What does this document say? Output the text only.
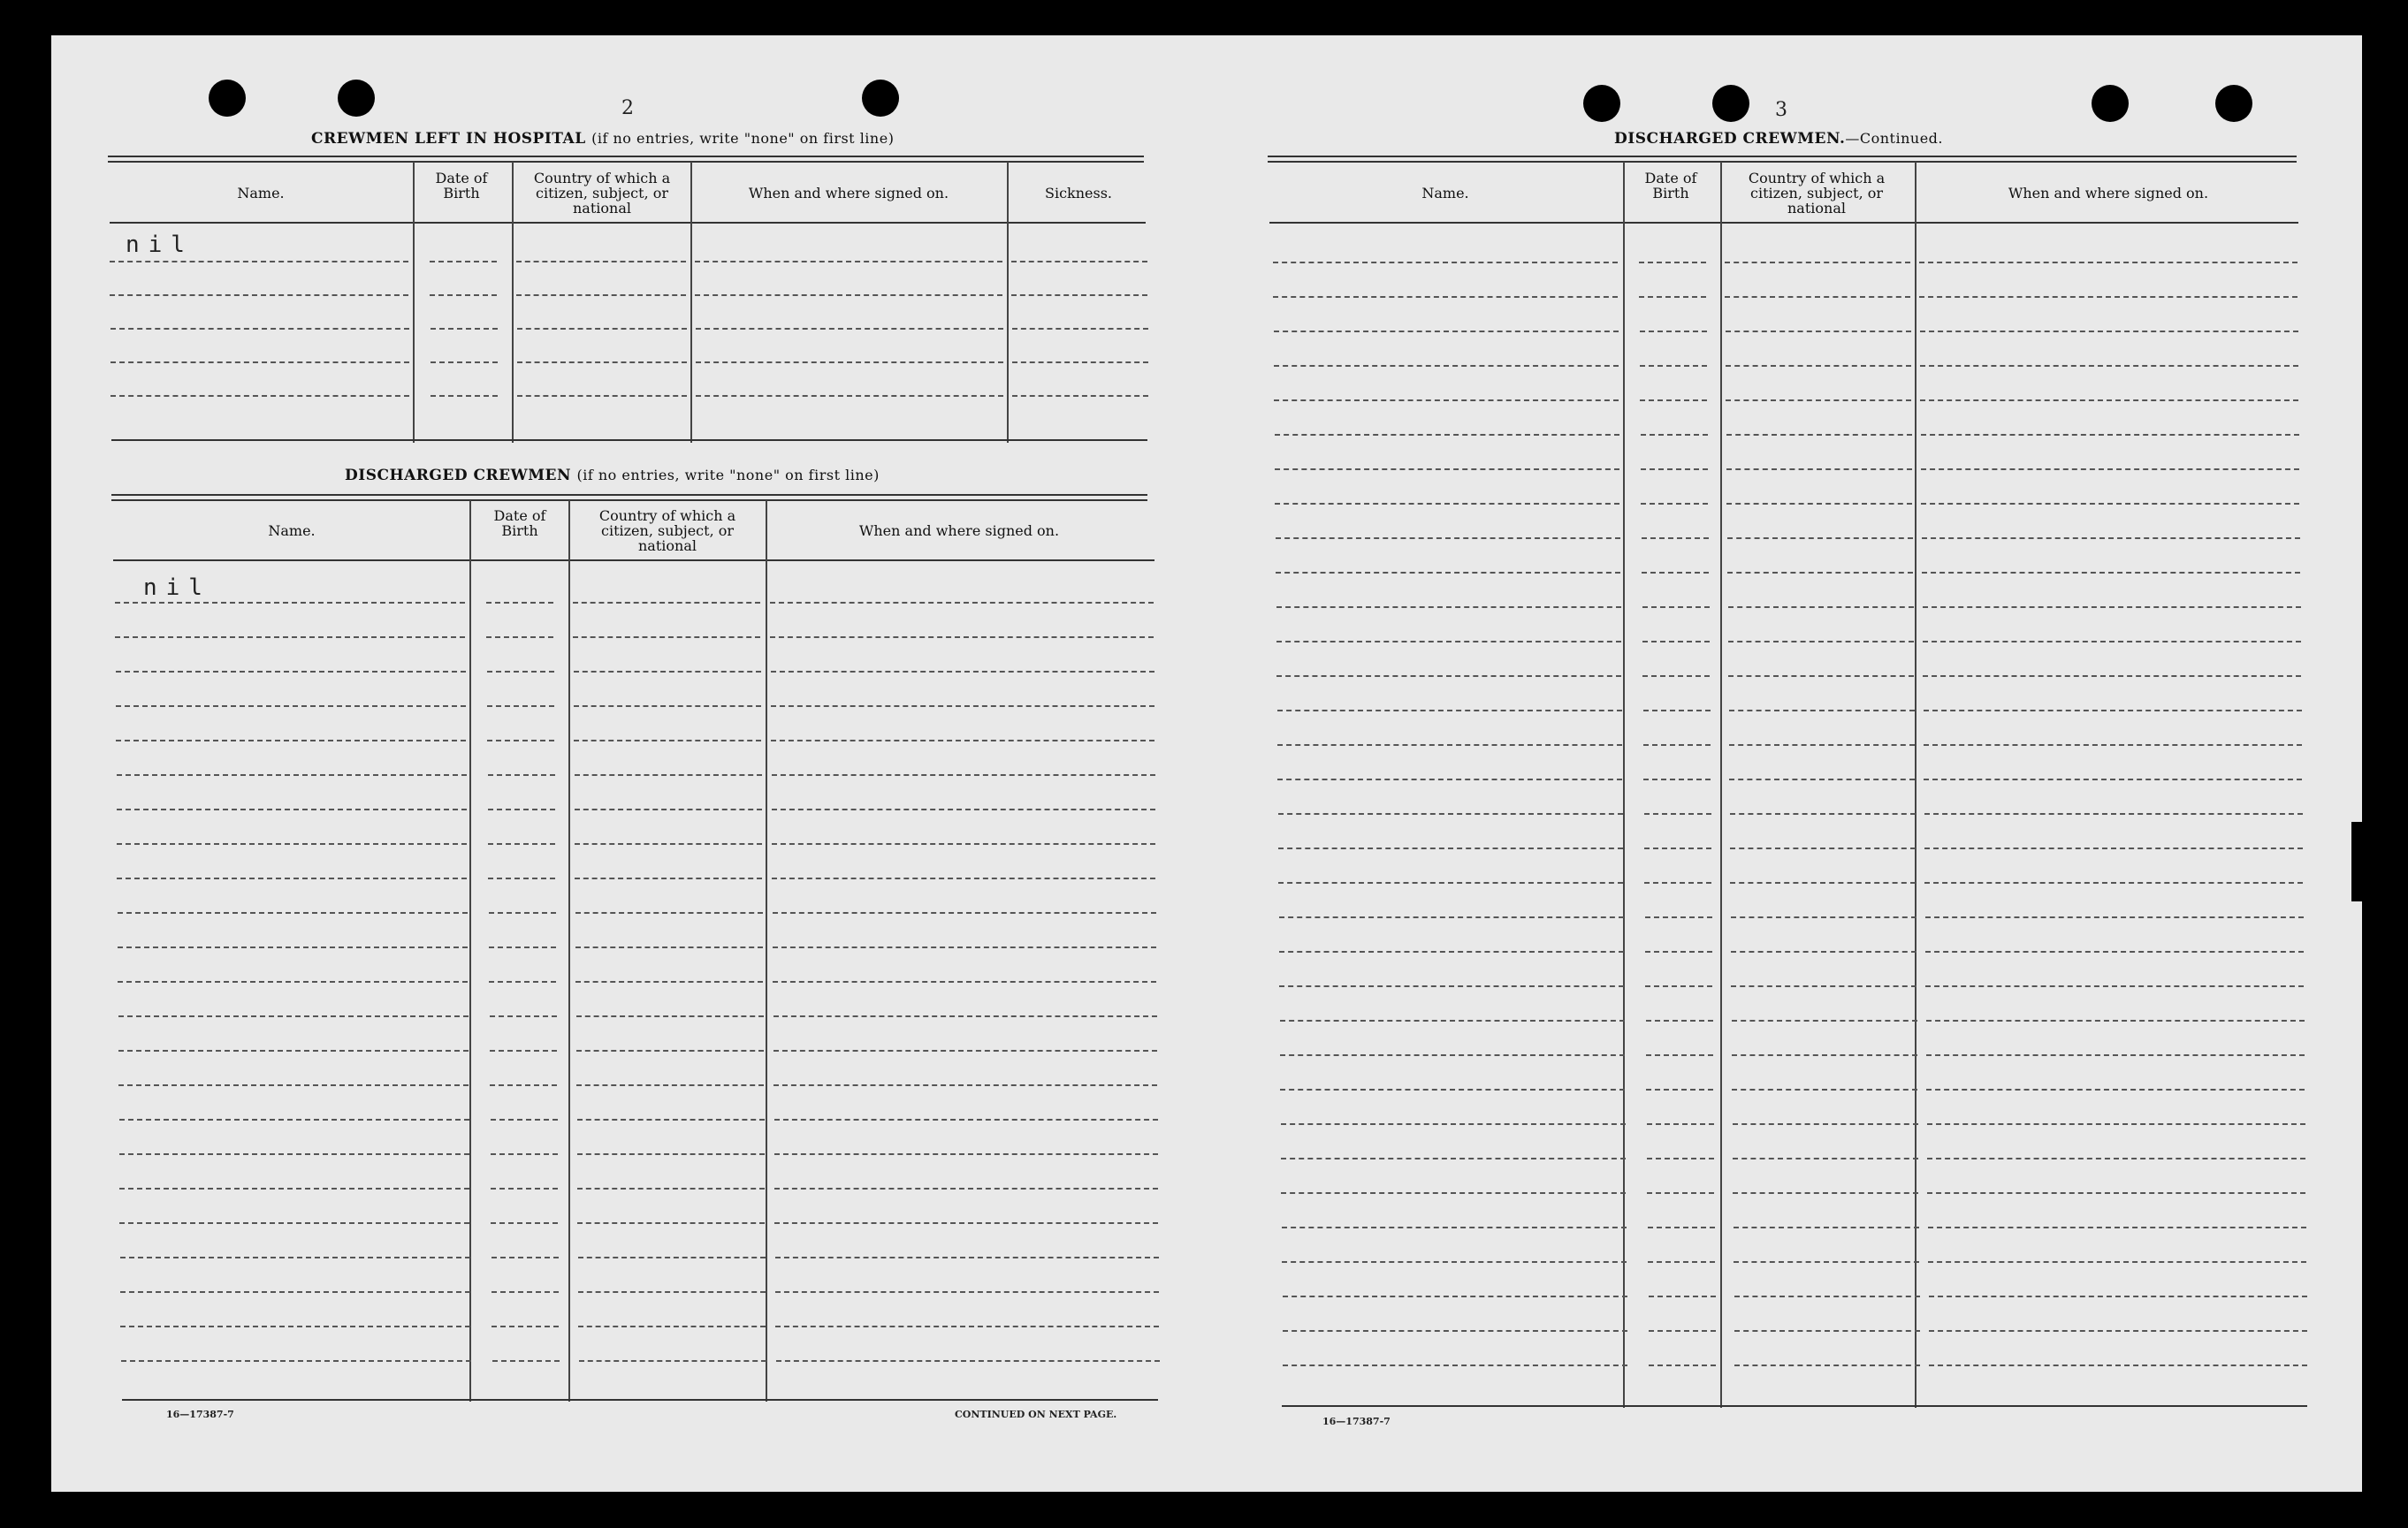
2
CREWMEN LEFT IN HOSPITAL (if no entries, write "none" on first line)
Name.
Date of Birth
Country of which a citizen, subject, or national
When and where signed on.	Sickness.
nil
DISCHARGED CREWMEN (if no entries, write "none" on first line)
Name.
Date of Birth
Country of which a citizen, subject, or national
When and where signed on.
nil
16—17387-7	CONTINUED ON NEXT PAGE.
3
DISCHARGED CREWMEN.—Continued.
Name.
Date of Birth
Country of which a citizen, subject, or national
When and where signed on.
16—17387-7
